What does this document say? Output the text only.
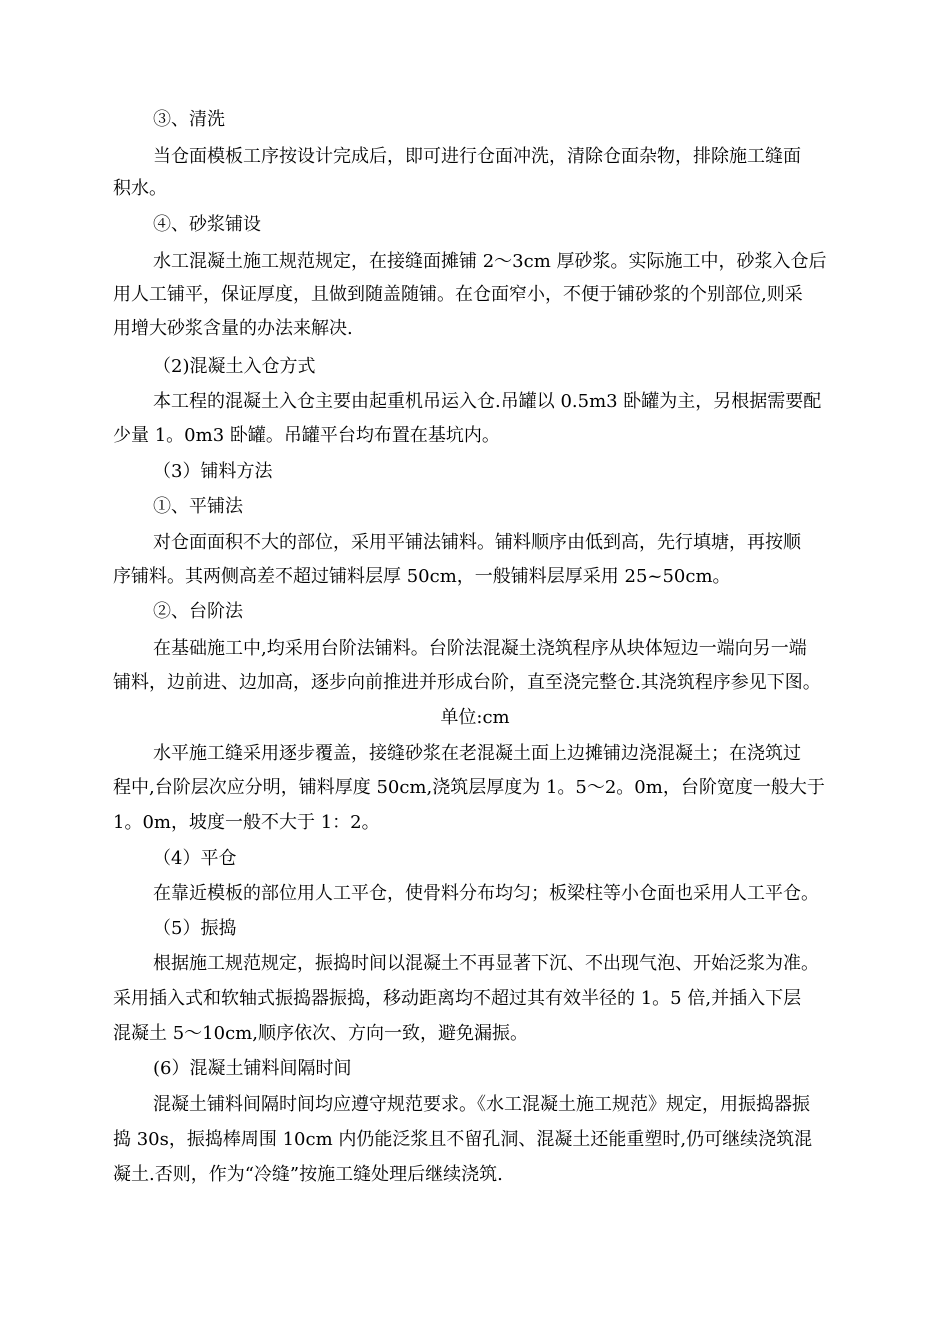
③、清洗
当仓面模板工序按设计完成后，即可进行仓面冲洗，清除仓面杂物，排除施工缝面
积水。
④、砂浆铺设
水工混凝土施工规范规定，在接缝面摊铺 2～3cm 厚砂浆。实际施工中，砂浆入仓后
用人工铺平，保证厚度，且做到随盖随铺。在仓面窄小，不便于铺砂浆的个别部位,则采
用增大砂浆含量的办法来解决.
（2)混凝土入仓方式
本工程的混凝土入仓主要由起重机吊运入仓.吊罐以 0.5m3 卧罐为主，另根据需要配
少量 1。0m3 卧罐。吊罐平台均布置在基坑内。
（3）铺料方法
①、平铺法
对仓面面积不大的部位，采用平铺法铺料。铺料顺序由低到高，先行填塘，再按顺
序铺料。其两侧高差不超过铺料层厚 50cm，一般铺料层厚采用 25~50cm。
②、台阶法
在基础施工中,均采用台阶法铺料。台阶法混凝土浇筑程序从块体短边一端向另一端
铺料，边前进、边加高，逐步向前推进并形成台阶，直至浇完整仓.其浇筑程序参见下图。
单位:cm
水平施工缝采用逐步覆盖，接缝砂浆在老混凝土面上边摊铺边浇混凝土；在浇筑过
程中,台阶层次应分明，铺料厚度 50cm,浇筑层厚度为 1。5～2。0m，台阶宽度一般大于
1。0m，坡度一般不大于 1：2。
（4）平仓
在靠近模板的部位用人工平仓，使骨料分布均匀；板梁柱等小仓面也采用人工平仓。
（5）振捣
根据施工规范规定，振捣时间以混凝土不再显著下沉、不出现气泡、开始泛浆为准。
采用插入式和软轴式振捣器振捣，移动距离均不超过其有效半径的 1。5 倍,并插入下层
混凝土 5～10cm,顺序依次、方向一致，避免漏振。
(6）混凝土铺料间隔时间
混凝土铺料间隔时间均应遵守规范要求。《水工混凝土施工规范》规定，用振捣器振
捣 30s，振捣棒周围 10cm 内仍能泛浆且不留孔洞、混凝土还能重塑时,仍可继续浇筑混
凝土.否则，作为“冷缝”按施工缝处理后继续浇筑.
